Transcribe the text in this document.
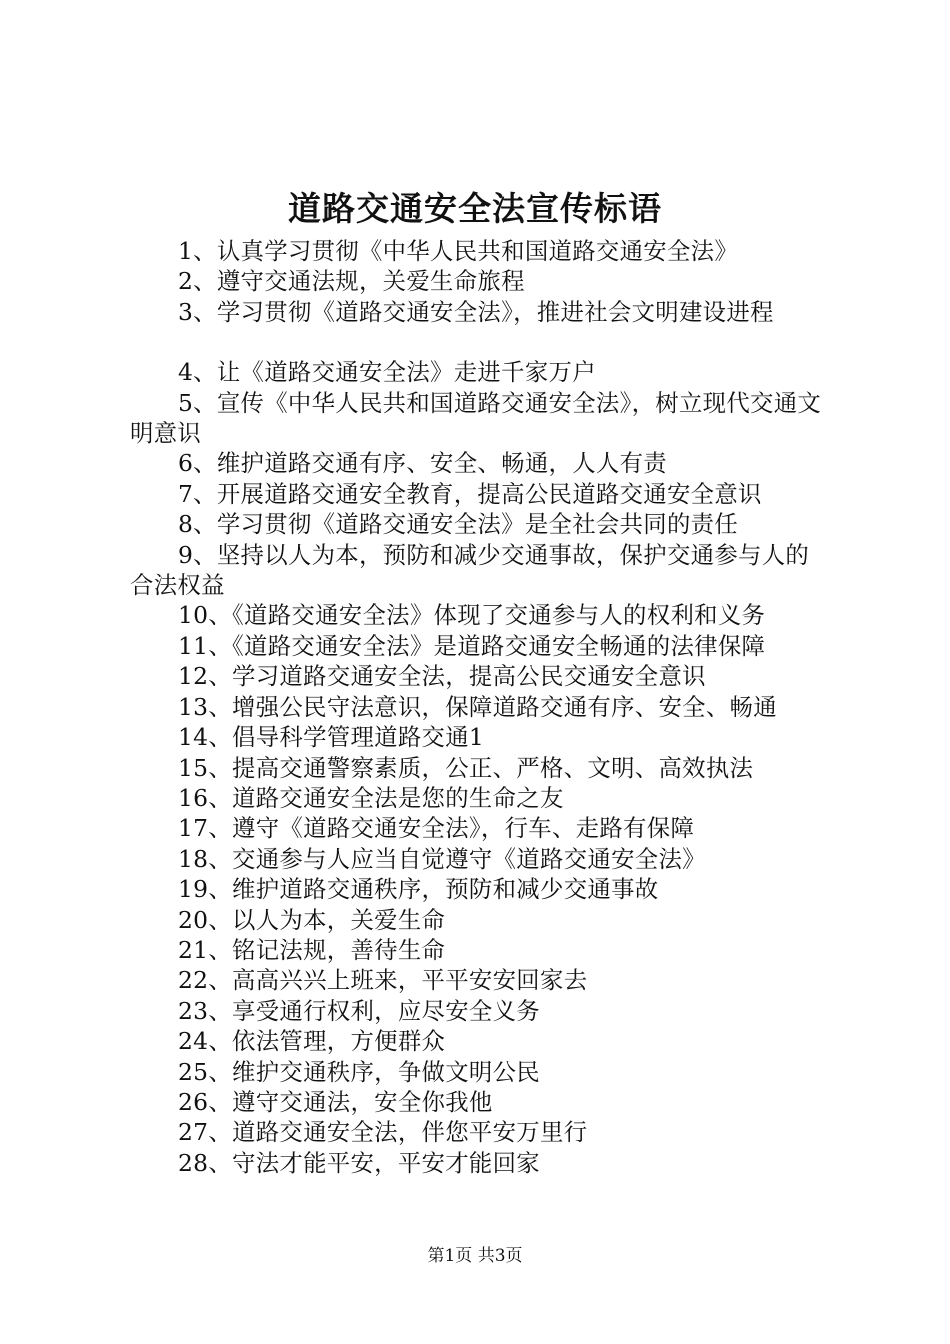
道路交通安全法宣传标语
1、认真学习贯彻《中华人民共和国道路交通安全法》
2、遵守交通法规，关爱生命旅程
3、学习贯彻《道路交通安全法》，推进社会文明建设进程
4、让《道路交通安全法》走进千家万户
5、宣传《中华人民共和国道路交通安全法》，树立现代交通文明意识
6、维护道路交通有序、安全、畅通，人人有责
7、开展道路交通安全教育，提高公民道路交通安全意识
8、学习贯彻《道路交通安全法》是全社会共同的责任
9、坚持以人为本，预防和减少交通事故，保护交通参与人的合法权益
10、《道路交通安全法》体现了交通参与人的权利和义务
11、《道路交通安全法》是道路交通安全畅通的法律保障
12、学习道路交通安全法，提高公民交通安全意识
13、增强公民守法意识，保障道路交通有序、安全、畅通
14、倡导科学管理道路交通1
15、提高交通警察素质，公正、严格、文明、高效执法
16、道路交通安全法是您的生命之友
17、遵守《道路交通安全法》，行车、走路有保障
18、交通参与人应当自觉遵守《道路交通安全法》
19、维护道路交通秩序，预防和减少交通事故
20、以人为本，关爱生命
21、铭记法规，善待生命
22、高高兴兴上班来，平平安安回家去
23、享受通行权利，应尽安全义务
24、依法管理，方便群众
25、维护交通秩序，争做文明公民
26、遵守交通法，安全你我他
27、道路交通安全法，伴您平安万里行
28、守法才能平安，平安才能回家
第1页 共3页
